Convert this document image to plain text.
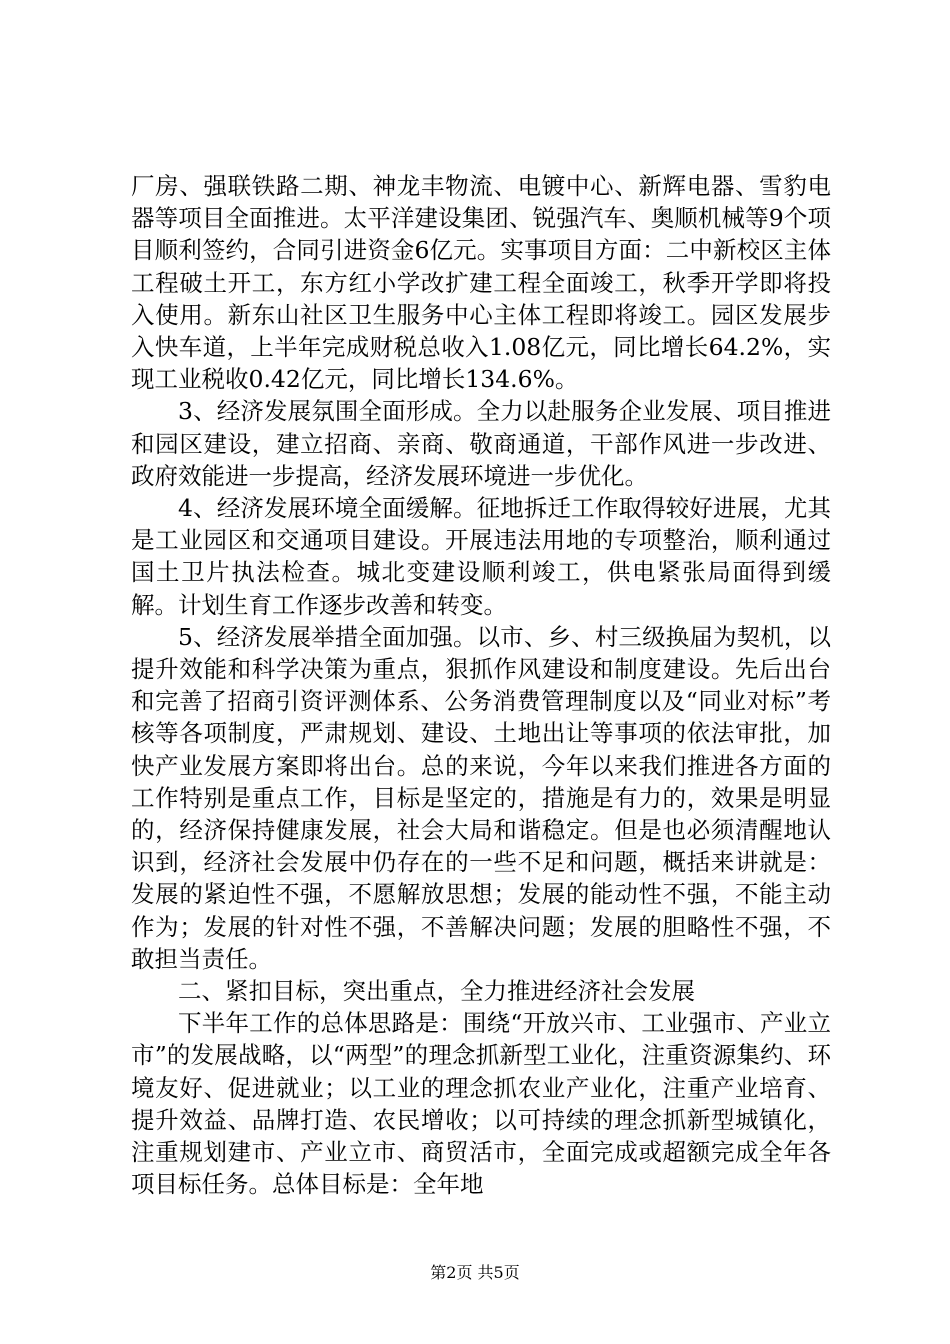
厂房、强联铁路二期、神龙丰物流、电镀中心、新辉电器、雪豹电器等项目全面推进。太平洋建设集团、锐强汽车、奥顺机械等9个项目顺利签约，合同引进资金6亿元。实事项目方面：二中新校区主体工程破土开工，东方红小学改扩建工程全面竣工，秋季开学即将投入使用。新东山社区卫生服务中心主体工程即将竣工。园区发展步入快车道，上半年完成财税总收入1.08亿元，同比增长64.2%，实现工业税收0.42亿元，同比增长134.6%。

3、经济发展氛围全面形成。全力以赴服务企业发展、项目推进和园区建设，建立招商、亲商、敬商通道，干部作风进一步改进、政府效能进一步提高，经济发展环境进一步优化。

4、经济发展环境全面缓解。征地拆迁工作取得较好进展，尤其是工业园区和交通项目建设。开展违法用地的专项整治，顺利通过国土卫片执法检查。城北变建设顺利竣工，供电紧张局面得到缓解。计划生育工作逐步改善和转变。

5、经济发展举措全面加强。以市、乡、村三级换届为契机，以提升效能和科学决策为重点，狠抓作风建设和制度建设。先后出台和完善了招商引资评测体系、公务消费管理制度以及“同业对标”考核等各项制度，严肃规划、建设、土地出让等事项的依法审批，加快产业发展方案即将出台。总的来说，今年以来我们推进各方面的工作特别是重点工作，目标是坚定的，措施是有力的，效果是明显的，经济保持健康发展，社会大局和谐稳定。但是也必须清醒地认识到，经济社会发展中仍存在的一些不足和问题，概括来讲就是：发展的紧迫性不强，不愿解放思想；发展的能动性不强，不能主动作为；发展的针对性不强，不善解决问题；发展的胆略性不强，不敢担当责任。

二、紧扣目标，突出重点，全力推进经济社会发展

下半年工作的总体思路是：围绕“开放兴市、工业强市、产业立市”的发展战略，以“两型”的理念抓新型工业化，注重资源集约、环境友好、促进就业；以工业的理念抓农业产业化，注重产业培育、提升效益、品牌打造、农民增收；以可持续的理念抓新型城镇化，注重规划建市、产业立市、商贸活市，全面完成或超额完成全年各项目标任务。总体目标是：全年地

第2页 共5页
